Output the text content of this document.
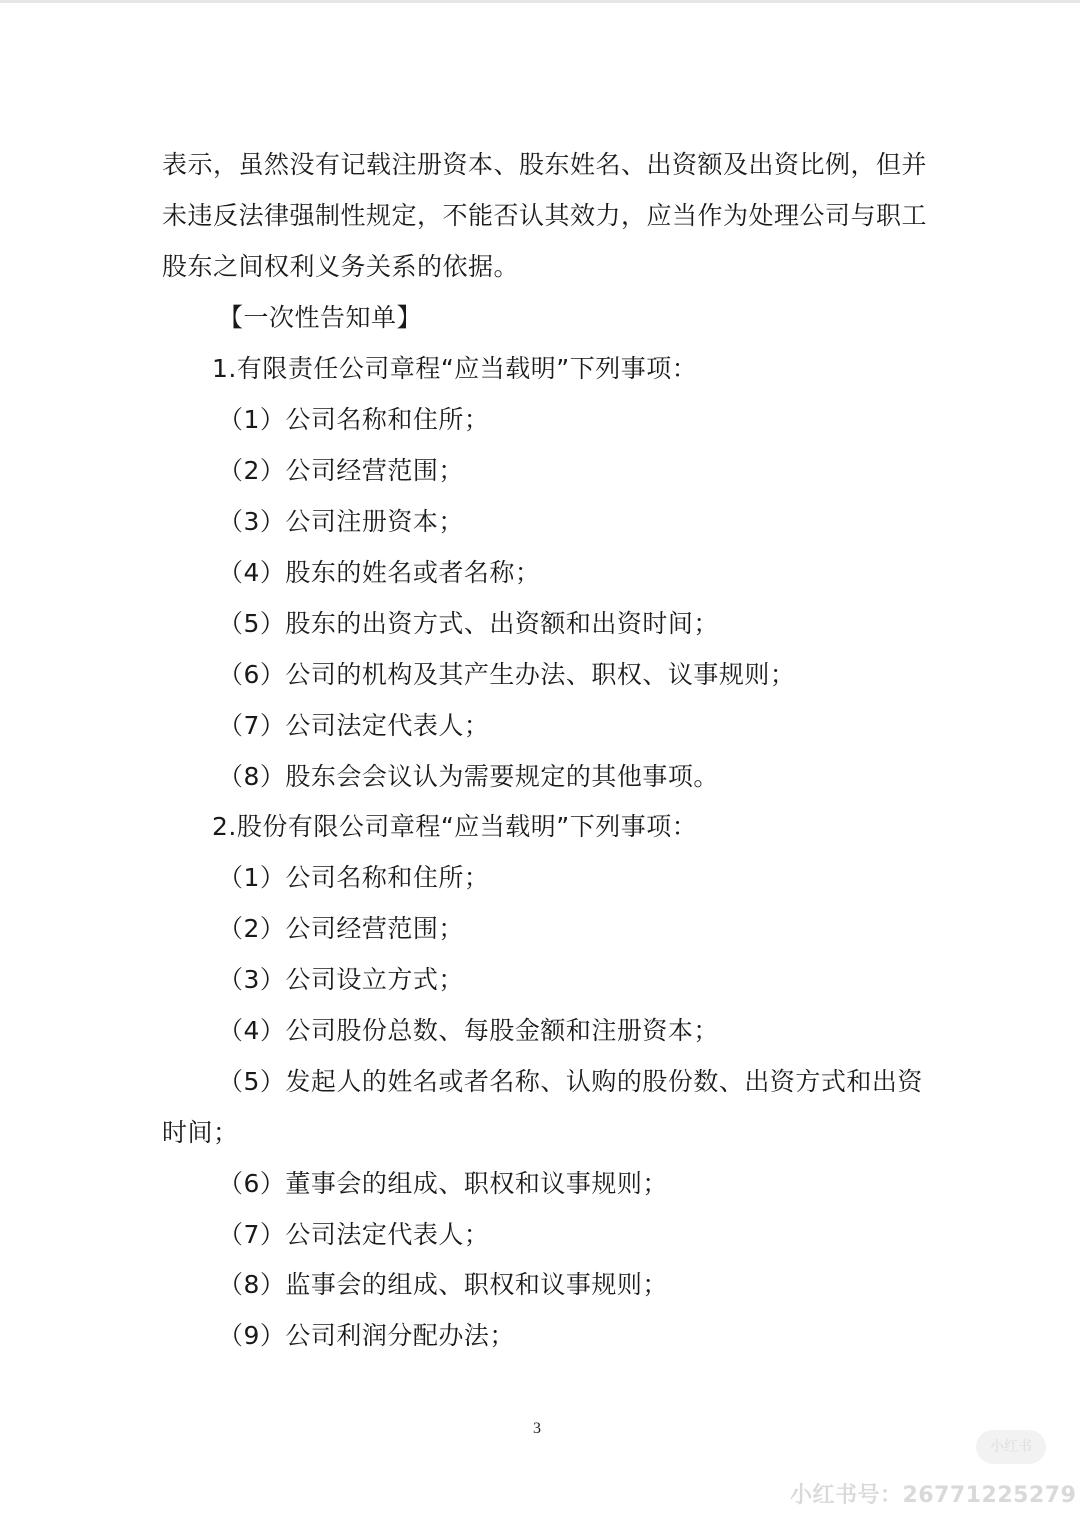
表示，虽然没有记载注册资本、股东姓名、出资额及出资比例，但并
未违反法律强制性规定，不能否认其效力，应当作为处理公司与职工
股东之间权利义务关系的依据。
【一次性告知单】
1.有限责任公司章程“应当载明”下列事项：
（1）公司名称和住所；
（2）公司经营范围；
（3）公司注册资本；
（4）股东的姓名或者名称；
（5）股东的出资方式、出资额和出资时间；
（6）公司的机构及其产生办法、职权、议事规则；
（7）公司法定代表人；
（8）股东会会议认为需要规定的其他事项。
2.股份有限公司章程“应当载明”下列事项：
（1）公司名称和住所；
（2）公司经营范围；
（3）公司设立方式；
（4）公司股份总数、每股金额和注册资本；
（5）发起人的姓名或者名称、认购的股份数、出资方式和出资
时间；
（6）董事会的组成、职权和议事规则；
（7）公司法定代表人；
（8）监事会的组成、职权和议事规则；
（9）公司利润分配办法；
3
小红书
小红书号：26771225279
